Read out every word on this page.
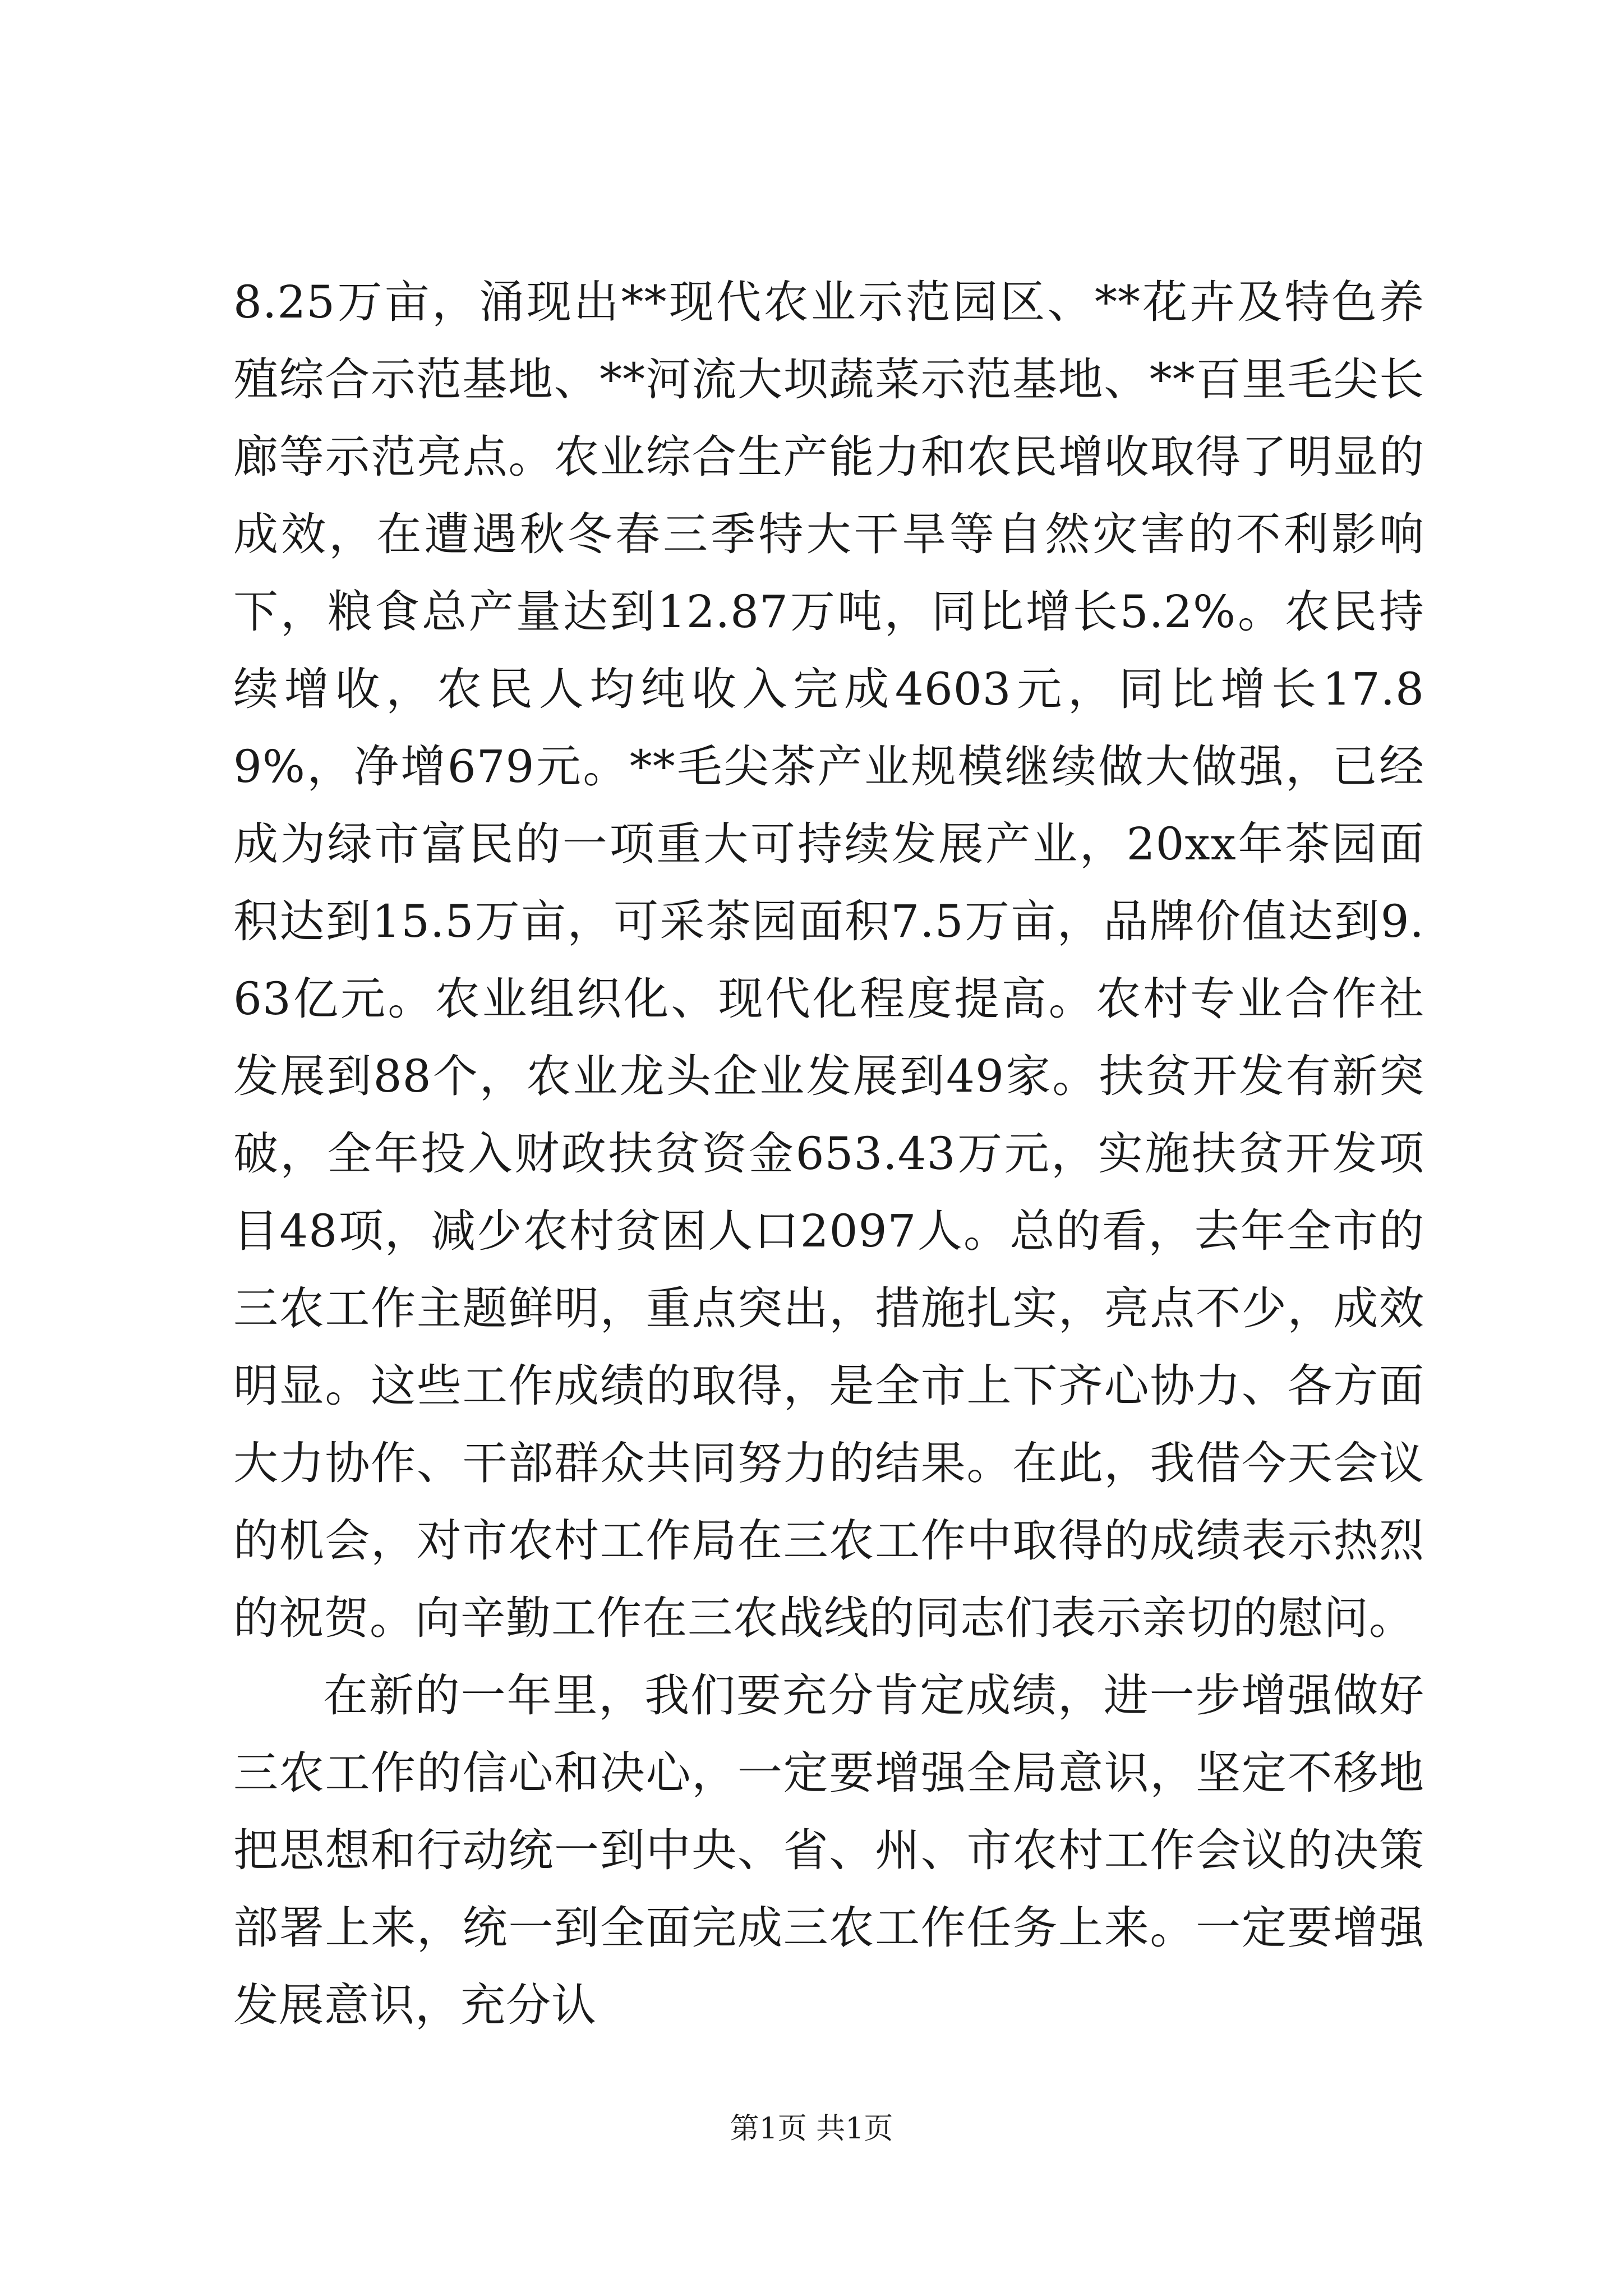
8.25万亩，涌现出**现代农业示范园区、**花卉及特色养殖综合示范基地、**河流大坝蔬菜示范基地、**百里毛尖长廊等示范亮点。农业综合生产能力和农民增收取得了明显的成效，在遭遇秋冬春三季特大干旱等自然灾害的不利影响下，粮食总产量达到12.87万吨，同比增长5.2%。农民持续增收，农民人均纯收入完成4603元，同比增长17.89%，净增679元。**毛尖茶产业规模继续做大做强，已经成为绿市富民的一项重大可持续发展产业，20xx年茶园面积达到15.5万亩，可采茶园面积7.5万亩，品牌价值达到9.63亿元。农业组织化、现代化程度提高。农村专业合作社发展到88个，农业龙头企业发展到49家。扶贫开发有新突破，全年投入财政扶贫资金653.43万元，实施扶贫开发项目48项，减少农村贫困人口2097人。总的看，去年全市的三农工作主题鲜明，重点突出，措施扎实，亮点不少，成效明显。这些工作成绩的取得，是全市上下齐心协力、各方面大力协作、干部群众共同努力的结果。在此，我借今天会议的机会，对市农村工作局在三农工作中取得的成绩表示热烈的祝贺。向辛勤工作在三农战线的同志们表示亲切的慰问。

在新的一年里，我们要充分肯定成绩，进一步增强做好三农工作的信心和决心，一定要增强全局意识，坚定不移地把思想和行动统一到中央、省、州、市农村工作会议的决策部署上来，统一到全面完成三农工作任务上来。一定要增强发展意识，充分认

第1页 共1页
